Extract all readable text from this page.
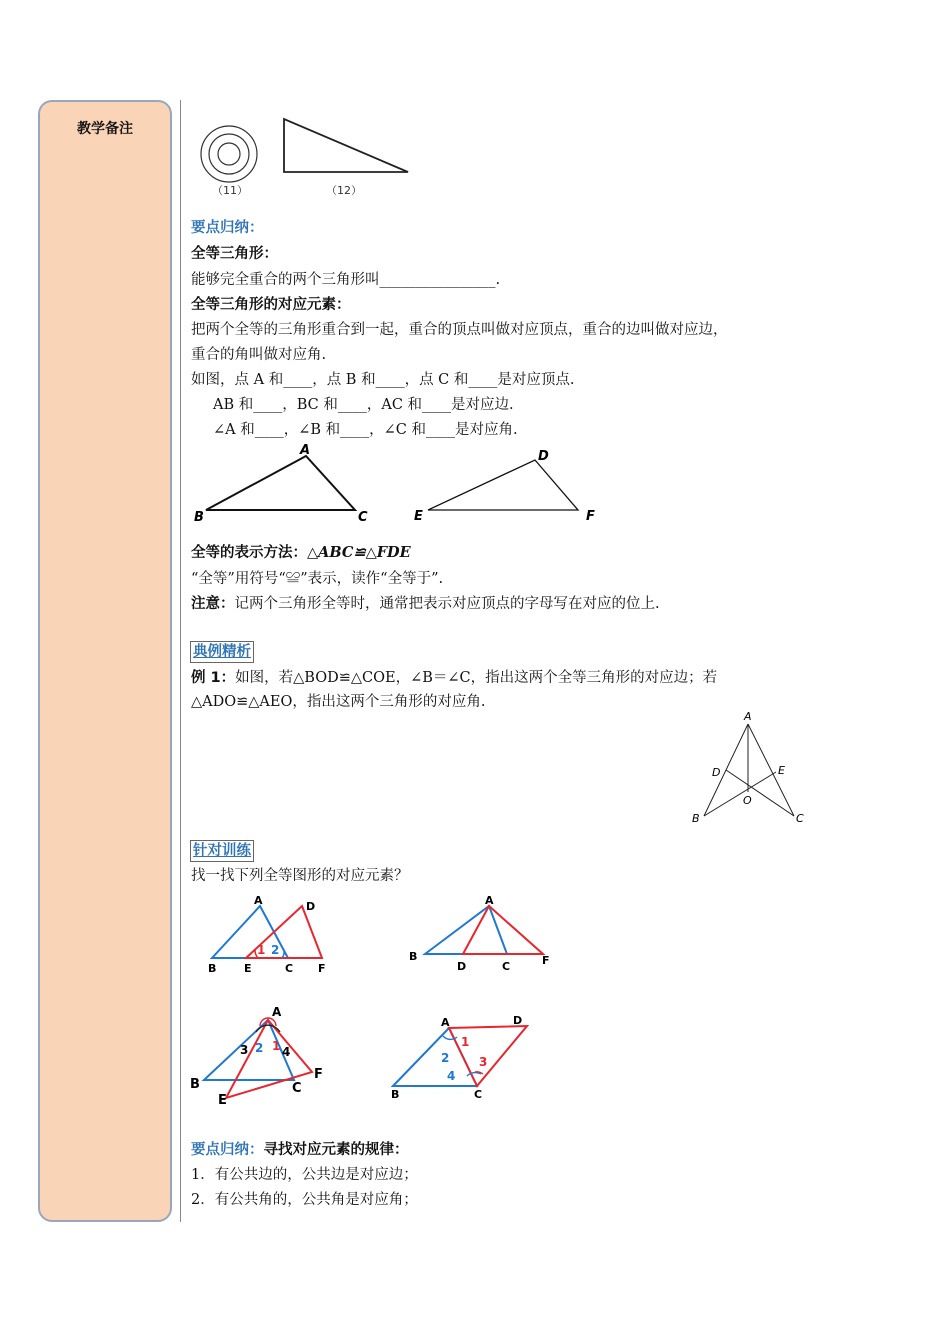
教学备注
（11）	（12）
要点归纳：
全等三角形：
能够完全重合的两个三角形叫________________.
全等三角形的对应元素：
把两个全等的三角形重合到一起，重合的顶点叫做对应顶点，重合的边叫做对应边，
重合的角叫做对应角.
如图，点 A 和____，点 B 和____，点 C 和____是对应顶点.
AB 和____，BC 和____，AC 和____是对应边.
∠A 和____，∠B 和____，∠C 和____是对应角.
A
B	C
D
E	F
全等的表示方法：△ABC≌△FDE
“全等”用符号“≌”表示，读作“全等于”.
注意：记两个三角形全等时，通常把表示对应顶点的字母写在对应的位上.
典例精析
例 1：如图，若△BOD≌△COE，∠B＝∠C，指出这两个全等三角形的对应边；若
△ADO≌△AEO，指出这两个三角形的对应角.
A
B	C
D	E
O
针对训练
找一找下列全等图形的对应元素？
A	D
B	E	C F
1 2
A
B
D	C	F
A
B	C
E
F
3 2 1 4
A	D
B	C
1
2 3
4
要点归纳：寻找对应元素的规律：
1．有公共边的，公共边是对应边；
2．有公共角的，公共角是对应角；
